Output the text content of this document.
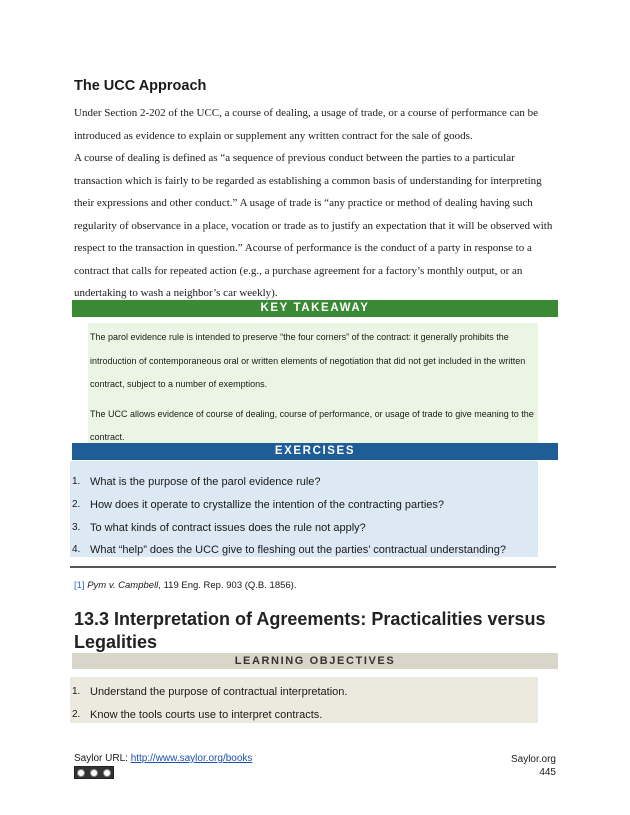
The UCC Approach
Under Section 2-202 of the UCC, a course of dealing, a usage of trade, or a course of performance can be introduced as evidence to explain or supplement any written contract for the sale of goods.
A course of dealing is defined as “a sequence of previous conduct between the parties to a particular transaction which is fairly to be regarded as establishing a common basis of understanding for interpreting their expressions and other conduct.” A usage of trade is “any practice or method of dealing having such regularity of observance in a place, vocation or trade as to justify an expectation that it will be observed with respect to the transaction in question.” Acourse of performance is the conduct of a party in response to a contract that calls for repeated action (e.g., a purchase agreement for a factory’s monthly output, or an undertaking to wash a neighbor’s car weekly).
KEY TAKEAWAY

The parol evidence rule is intended to preserve “the four corners” of the contract: it generally prohibits the introduction of contemporaneous oral or written elements of negotiation that did not get included in the written contract, subject to a number of exemptions.

The UCC allows evidence of course of dealing, course of performance, or usage of trade to give meaning to the contract.

EXERCISES
1. What is the purpose of the parol evidence rule?
2. How does it operate to crystallize the intention of the contracting parties?
3. To what kinds of contract issues does the rule not apply?
4. What “help” does the UCC give to fleshing out the parties’ contractual understanding?
[1] Pym v. Campbell, 119 Eng. Rep. 903 (Q.B. 1856).
13.3 Interpretation of Agreements: Practicalities versus Legalities
LEARNING OBJECTIVES
1. Understand the purpose of contractual interpretation.
2. Know the tools courts use to interpret contracts.
Saylor URL: http://www.saylor.org/books	Saylor.org
445
